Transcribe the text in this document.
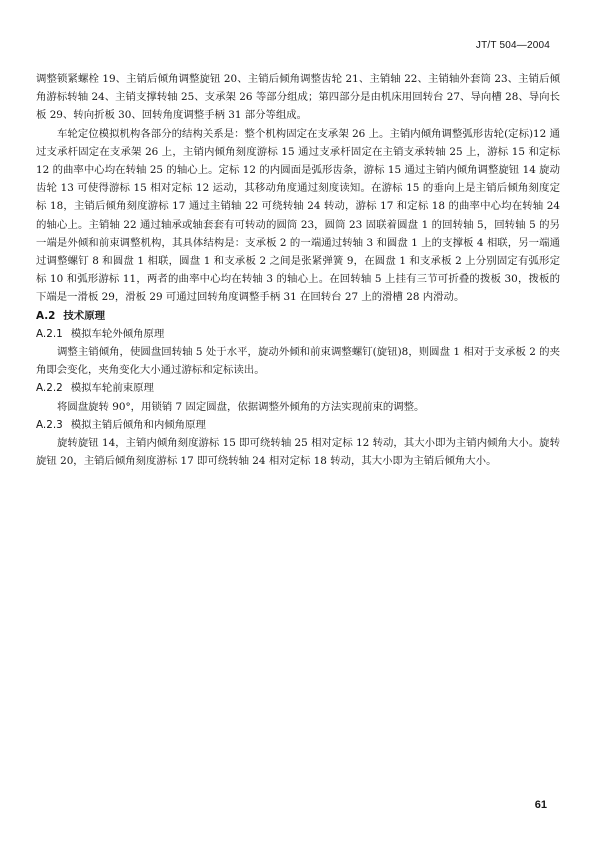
JT/T 504—2004

调整锁紧螺栓 19、主销后倾角调整旋钮 20、主销后倾角调整齿轮 21、主销轴 22、主销轴外套筒 23、主销后倾角游标转轴 24、主销支撑转轴 25、支承架 26 等部分组成；第四部分是由机床用回转台 27、导向槽 28、导向长板 29、转向折板 30、回转角度调整手柄 31 部分等组成。

车轮定位模拟机构各部分的结构关系是：整个机构固定在支承架 26 上。主销内倾角调整弧形齿轮(定标)12 通过支承杆固定在支承架 26 上，主销内倾角刻度游标 15 通过支承杆固定在主销支承转轴 25 上，游标 15 和定标 12 的曲率中心均在转轴 25 的轴心上。定标 12 的内圆面是弧形齿条，游标 15 通过主销内倾角调整旋钮 14 旋动齿轮 13 可使得游标 15 相对定标 12 运动，其移动角度通过刻度读知。在游标 15 的垂向上是主销后倾角刻度定标 18，主销后倾角刻度游标 17 通过主销轴 22 可绕转轴 24 转动，游标 17 和定标 18 的曲率中心均在转轴 24 的轴心上。主销轴 22 通过轴承或轴套套有可转动的圆筒 23，圆筒 23 固联着圆盘 1 的回转轴 5，回转轴 5 的另一端是外倾和前束调整机构，其具体结构是：支承板 2 的一端通过转轴 3 和圆盘 1 上的支撑板 4 相联，另一端通过调整螺钉 8 和圆盘 1 相联，圆盘 1 和支承板 2 之间是张紧弹簧 9，在圆盘 1 和支承板 2 上分别固定有弧形定标 10 和弧形游标 11，两者的曲率中心均在转轴 3 的轴心上。在回转轴 5 上挂有三节可折叠的拨板 30，拨板的下端是一滑板 29，滑板 29 可通过回转角度调整手柄 31 在回转台 27 上的滑槽 28 内滑动。

A.2 技术原理
A.2.1 模拟车轮外倾角原理

调整主销倾角，使圆盘回转轴 5 处于水平，旋动外倾和前束调整螺钉(旋钮)8，则圆盘 1 相对于支承板 2 的夹角即会变化，夹角变化大小通过游标和定标读出。

A.2.2 模拟车轮前束原理

将圆盘旋转 90°，用锁销 7 固定圆盘，依据调整外倾角的方法实现前束的调整。

A.2.3 模拟主销后倾角和内倾角原理

旋转旋钮 14，主销内倾角刻度游标 15 即可绕转轴 25 相对定标 12 转动，其大小即为主销内倾角大小。旋转旋钮 20，主销后倾角刻度游标 17 即可绕转轴 24 相对定标 18 转动，其大小即为主销后倾角大小。

61
